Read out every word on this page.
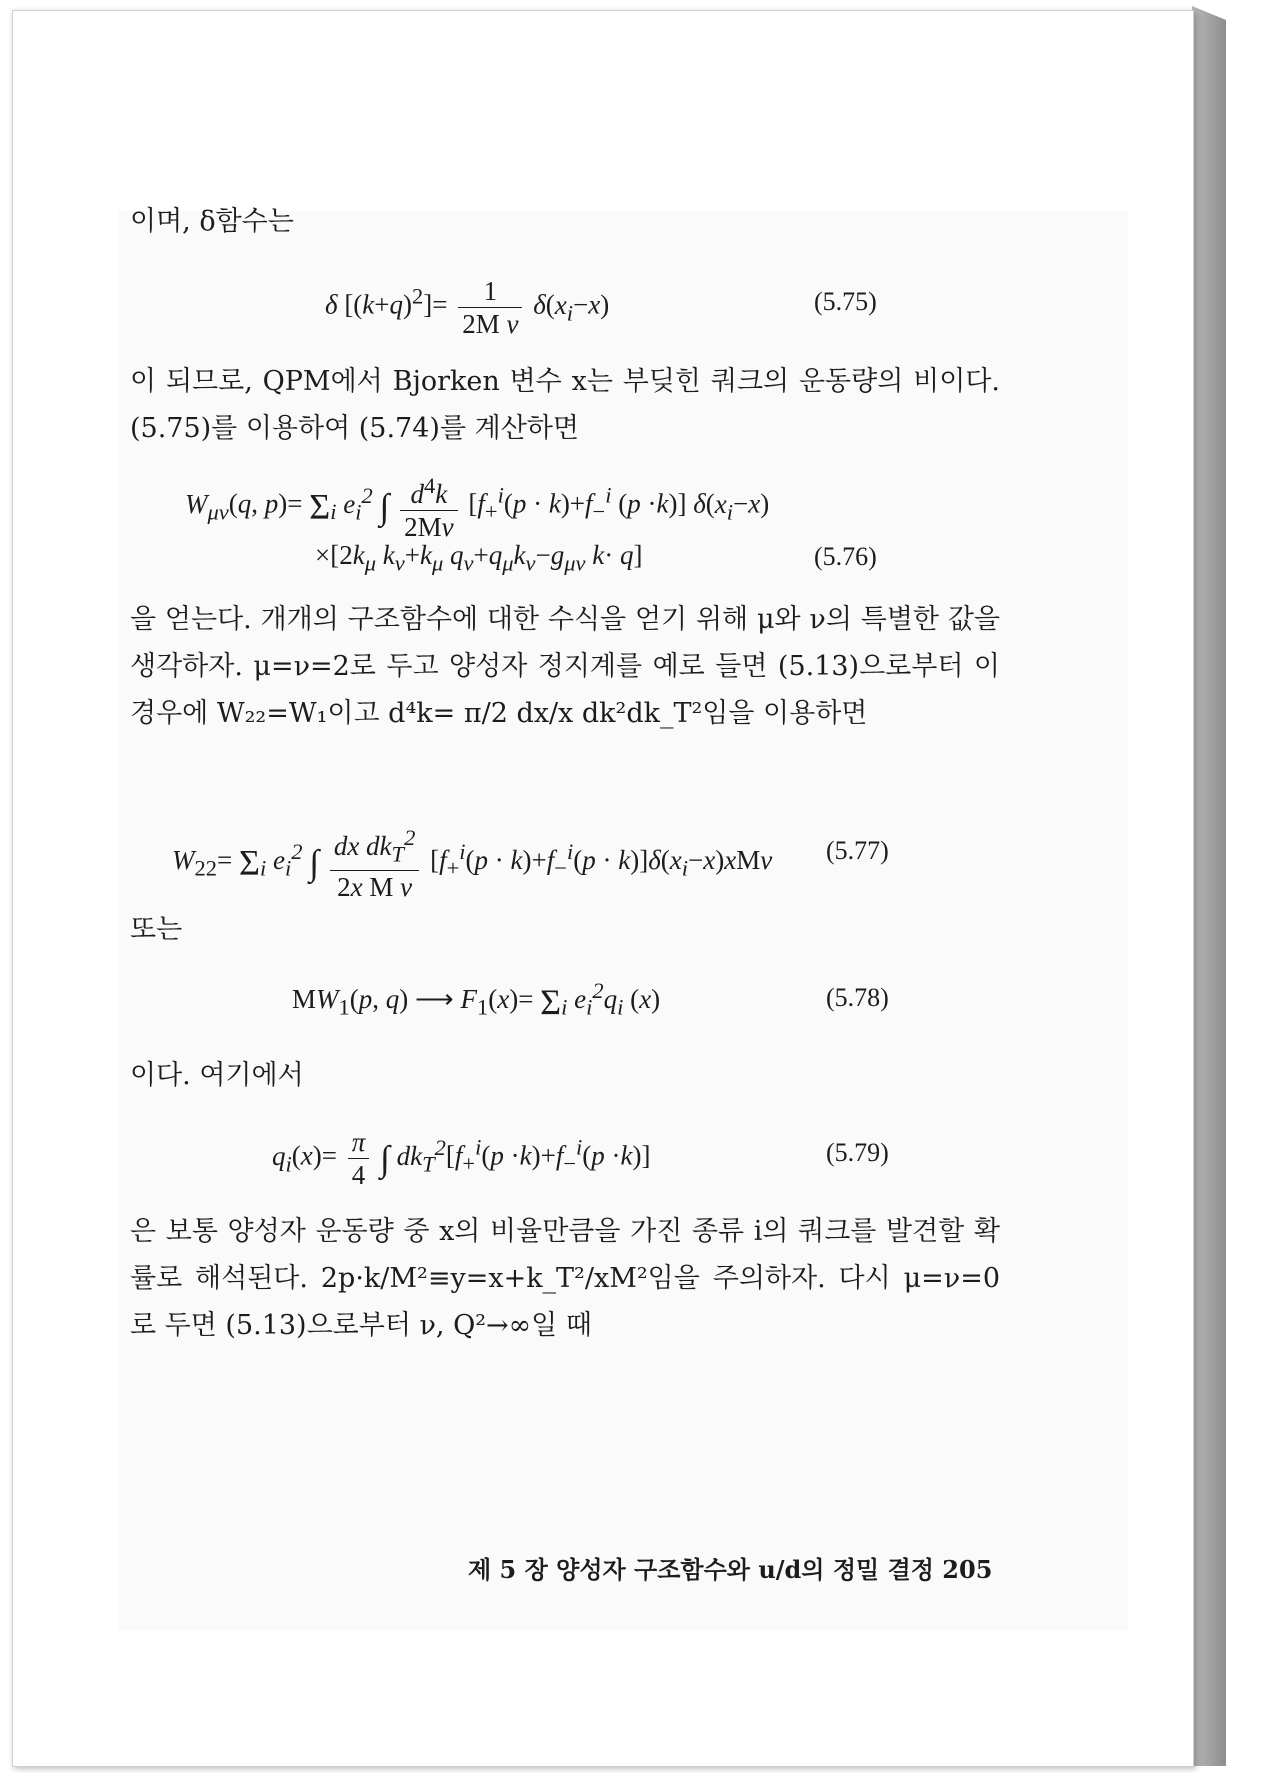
이며, δ함수는
δ $[(k+q)^2]= \frac{1}{\text{2M ν}} \delta(x_i-x)$	(5.75)
이 되므로, QPM에서 Bjorken 변수 x는 부딪힌 쿼크의 운동량의 비이다. (5.75)를 이용하여 (5.74)를 계산하면
$W_{\mu\nu}(q$, $p)= \Sigma_i$ $e_i^2$ ∫ $\frac{d^4k}{2M\nu} [f_+^i(p \cdot k)+f_-^i$ (p ·k)] $\delta(x_i-x)$
$\times[2k_\mu$ $k_\nu+k_\mu$ $q_\nu+q_\mu k_\nu-g_{\mu\nu}$ k· q]	(5.76)
을 얻는다. 개개의 구조함수에 대한 수식을 얻기 위해 μ와 ν의 특별한 값을 생각하자. μ=ν=2로 두고 양성자 정지계를 예로 들면 (5.13)으로부터 이 경우에 W₂₂=W₁이고 d⁴k= π/2 dx/x dk²dk_T²임을 이용하면
$W_{22}= \Sigma_i$ $e_i^2$ ∫ $\frac{dx dk_T^2}{\text{2x M ν}} [f_+^i(p \cdot k)+f_-^i(p \cdot k)]\delta(x_i-x)xM\nu$ (5.77)
또는
$MW_1(p$, q) ⟶ $F_1(x)= \Sigma_i$ $e_i^2q_i$ (x)	(5.78)
이다. 여기에서
$q_i(x)= \frac{\pi}{4}$ ∫ $dk_T^2[f_+^i(p \cdot k)+f_-^i(p \cdot k)]$	(5.79)
은 보통 양성자 운동량 중 x의 비율만큼을 가진 종류 i의 쿼크를 발견할 확률로 해석된다. 2p·k/M²≡y=x+k_T²/xM²임을 주의하자. 다시 μ=ν=0로 두면 (5.13)으로부터 ν, Q²→∞일 때
제 5 장 양성자 구조함수와 u/d의 정밀 결정 205
